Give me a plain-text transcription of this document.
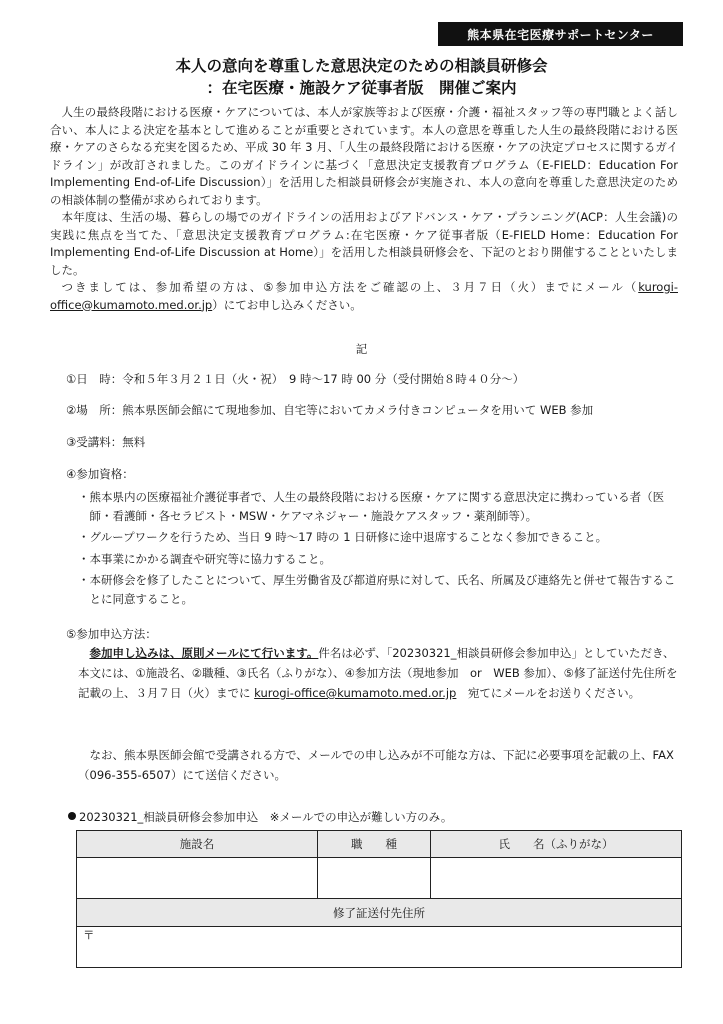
熊本県在宅医療サポートセンター
本人の意向を尊重した意思決定のための相談員研修会
：在宅医療・施設ケア従事者版　開催ご案内

人生の最終段階における医療・ケアについては、本人が家族等および医療・介護・福祉スタッフ等の専門職とよく話し合い、本人による決定を基本として進めることが重要とされています。本人の意思を尊重した人生の最終段階における医療・ケアのさらなる充実を図るため、平成 30 年 3 月、「人生の最終段階における医療・ケアの決定プロセスに関するガイドライン」が改訂されました。このガイドラインに基づく「意思決定支援教育プログラム（E-FIELD：Education For Implementing End-of-Life Discussion）」を活用した相談員研修会が実施され、本人の意向を尊重した意思決定のための相談体制の整備が求められております。

本年度は、生活の場、暮らしの場でのガイドラインの活用およびアドバンス・ケア・プランニング(ACP：人生会議)の実践に焦点を当てた、「意思決定支援教育プログラム:在宅医療・ケア従事者版（E-FIELD Home：Education For Implementing End-of-Life Discussion at Home）」を活用した相談員研修会を、下記のとおり開催することといたしました。

つきましては、参加希望の方は、⑤参加申込方法をご確認の上、３月７日（火）までにメール（kurogi-office@kumamoto.med.or.jp）にてお申し込みください。

記
①日　時：令和５年３月２１日（火・祝）　9 時～17 時 00 分（受付開始８時４０分～）
②場　所：熊本県医師会館にて現地参加、自宅等においてカメラ付きコンピュータを用いて WEB 参加
③受講料：無料
④参加資格：

・熊本県内の医療福祉介護従事者で、人生の最終段階における医療・ケアに関する意思決定に携わっている者（医師・看護師・各セラピスト・MSW・ケアマネジャー・施設ケアスタッフ・薬剤師等）。

・グループワークを行うため、当日 9 時～17 時の 1 日研修に途中退席することなく参加できること。

・本事業にかかる調査や研究等に協力すること。

・本研修会を修了したことについて、厚生労働省及び都道府県に対して、氏名、所属及び連絡先と併せて報告することに同意すること。

⑤参加申込方法：

参加申し込みは、原則メールにて行います。件名は必ず、「20230321_相談員研修会参加申込」としていただき、本文には、①施設名、②職種、③氏名（ふりがな）、④参加方法（現地参加　or　WEB 参加）、⑤修了証送付先住所を記載の上、３月７日（火）までに kurogi-office@kumamoto.med.or.jp　宛てにメールをお送りください。

なお、熊本県医師会館で受講される方で、メールでの申し込みが不可能な方は、下記に必要事項を記載の上、FAX（096-355-6507）にて送信ください。

20230321_相談員研修会参加申込　※メールでの申込が難しい方のみ。
施設名	職　　種	氏　　名（ふりがな）

修了証送付先住所		
〒		
